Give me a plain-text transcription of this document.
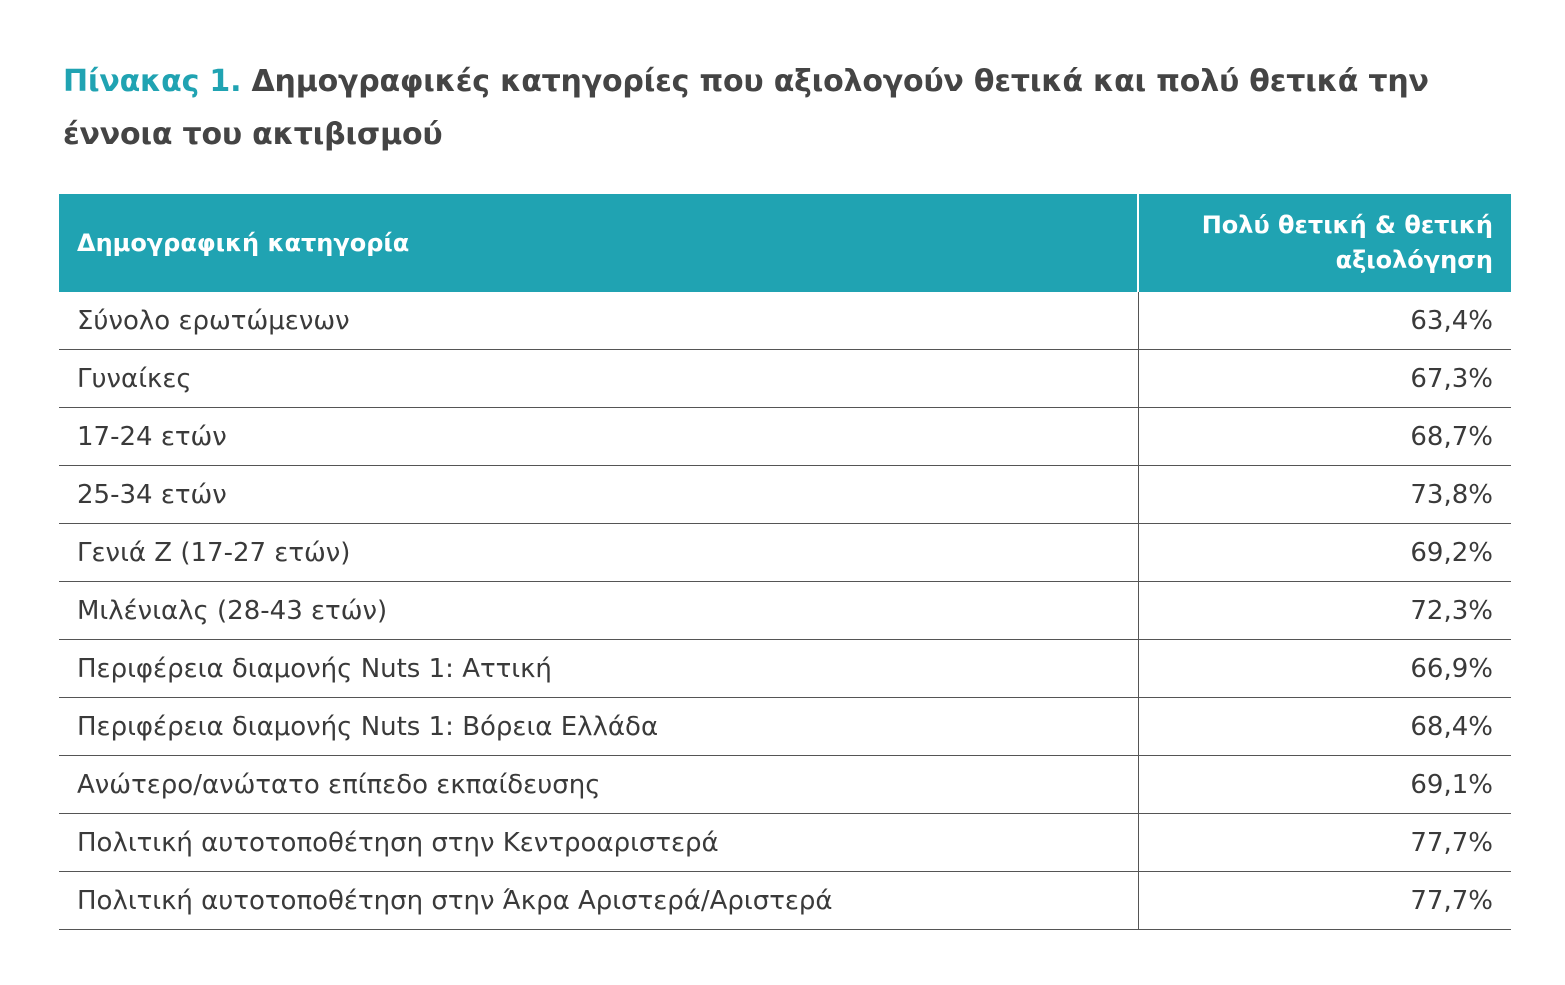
Πίνακας 1. Δημογραφικές κατηγορίες που αξιολογούν θετικά και πολύ θετικά την έννοια του ακτιβισμού
Δημογραφική κατηγορία	Πολύ θετική & θετική
αξιολόγηση
Σύνολο ερωτώμενων	63,4%
Γυναίκες	67,3%
17-24 ετών	68,7%
25-34 ετών	73,8%
Γενιά Ζ (17-27 ετών)	69,2%
Μιλένιαλς (28-43 ετών)	72,3%
Περιφέρεια διαμονής Nuts 1: Αττική	66,9%
Περιφέρεια διαμονής Nuts 1: Βόρεια Ελλάδα	68,4%
Ανώτερο/ανώτατο επίπεδο εκπαίδευσης	69,1%
Πολιτική αυτοτοποθέτηση στην Κεντροαριστερά	77,7%
Πολιτική αυτοτοποθέτηση στην Άκρα Αριστερά/Αριστερά	77,7%
